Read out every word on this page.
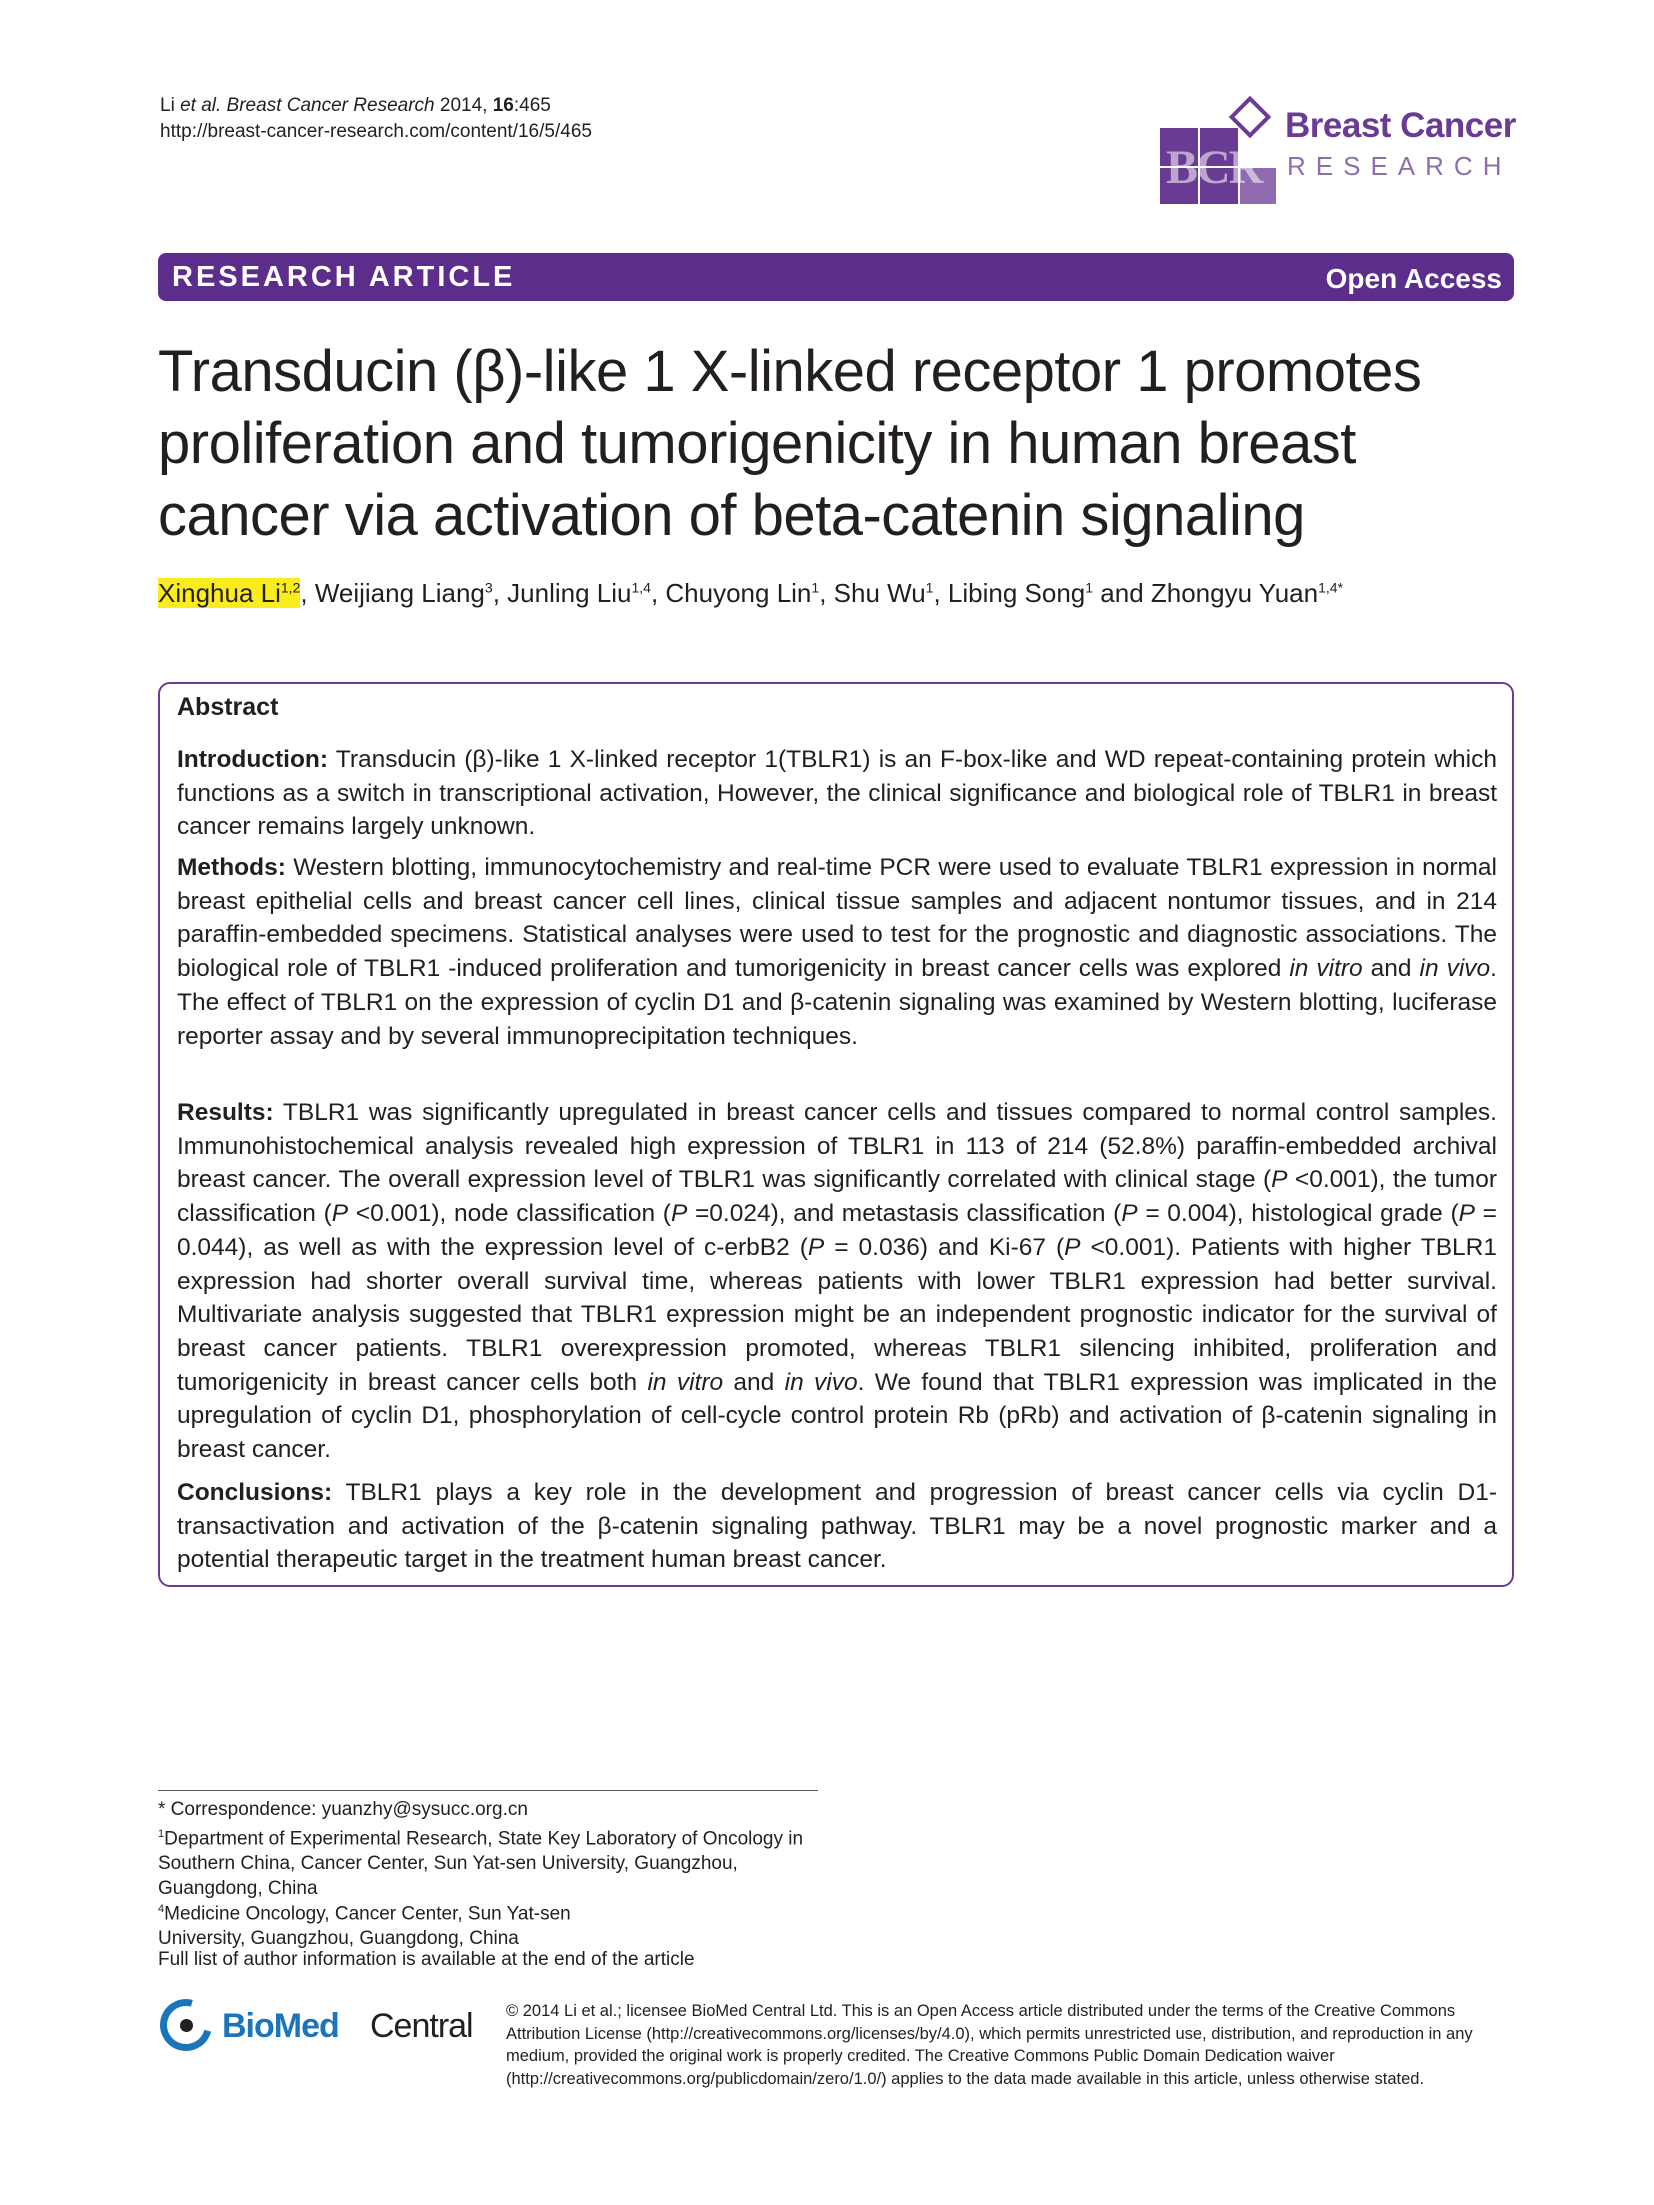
Li et al. Breast Cancer Research 2014, 16:465
http://breast-cancer-research.com/content/16/5/465
BCR
Breast Cancer
RESEARCH
RESEARCH ARTICLE	Open Access
Transducin (β)-like 1 X-linked receptor 1 promotes proliferation and tumorigenicity in human breast cancer via activation of beta-catenin signaling
Xinghua Li$^{1,2}$, Weijiang Liang$^3$, Junling Liu$^{1,4}$, Chuyong Lin$^1$, Shu Wu$^1$, Libing Song$^1$ and Zhongyu Yuan$^{1,4*}$
Abstract
Introduction: Transducin (β)-like 1 X-linked receptor 1(TBLR1) is an F-box-like and WD repeat-containing protein which functions as a switch in transcriptional activation, However, the clinical significance and biological role of TBLR1 in breast cancer remains largely unknown.
Methods: Western blotting, immunocytochemistry and real-time PCR were used to evaluate TBLR1 expression in normal breast epithelial cells and breast cancer cell lines, clinical tissue samples and adjacent nontumor tissues, and in 214 paraffin-embedded specimens. Statistical analyses were used to test for the prognostic and diagnostic associations. The biological role of TBLR1 -induced proliferation and tumorigenicity in breast cancer cells was explored in vitro and in vivo. The effect of TBLR1 on the expression of cyclin D1 and β-catenin signaling was examined by Western blotting, luciferase reporter assay and by several immunoprecipitation techniques.
Results: TBLR1 was significantly upregulated in breast cancer cells and tissues compared to normal control samples. Immunohistochemical analysis revealed high expression of TBLR1 in 113 of 214 (52.8%) paraffin-embedded archival breast cancer. The overall expression level of TBLR1 was significantly correlated with clinical stage (P <0.001), the tumor classification (P <0.001), node classification (P =0.024), and metastasis classification (P = 0.004), histological grade (P = 0.044), as well as with the expression level of c-erbB2 (P = 0.036) and Ki-67 (P <0.001). Patients with higher TBLR1 expression had shorter overall survival time, whereas patients with lower TBLR1 expression had better survival. Multivariate analysis suggested that TBLR1 expression might be an independent prognostic indicator for the survival of breast cancer patients. TBLR1 overexpression promoted, whereas TBLR1 silencing inhibited, proliferation and tumorigenicity in breast cancer cells both in vitro and in vivo. We found that TBLR1 expression was implicated in the upregulation of cyclin D1, phosphorylation of cell-cycle control protein Rb (pRb) and activation of β-catenin signaling in breast cancer.
Conclusions: TBLR1 plays a key role in the development and progression of breast cancer cells via cyclin D1-transactivation and activation of the β-catenin signaling pathway. TBLR1 may be a novel prognostic marker and a potential therapeutic target in the treatment human breast cancer.
* Correspondence: yuanzhy@sysucc.org.cn
$^1$Department of Experimental Research, State Key Laboratory of Oncology in Southern China, Cancer Center, Sun Yat-sen University, Guangzhou, Guangdong, China
$^4$Medicine Oncology, Cancer Center, Sun Yat-sen University, Guangzhou, Guangdong, China
Full list of author information is available at the end of the article
BioMed Central © 2014 Li et al.; licensee BioMed Central Ltd. This is an Open Access article distributed under the terms of the Creative Commons Attribution License (http://creativecommons.org/licenses/by/4.0), which permits unrestricted use, distribution, and reproduction in any medium, provided the original work is properly credited. The Creative Commons Public Domain Dedication waiver (http://creativecommons.org/publicdomain/zero/1.0/) applies to the data made available in this article, unless otherwise stated.
